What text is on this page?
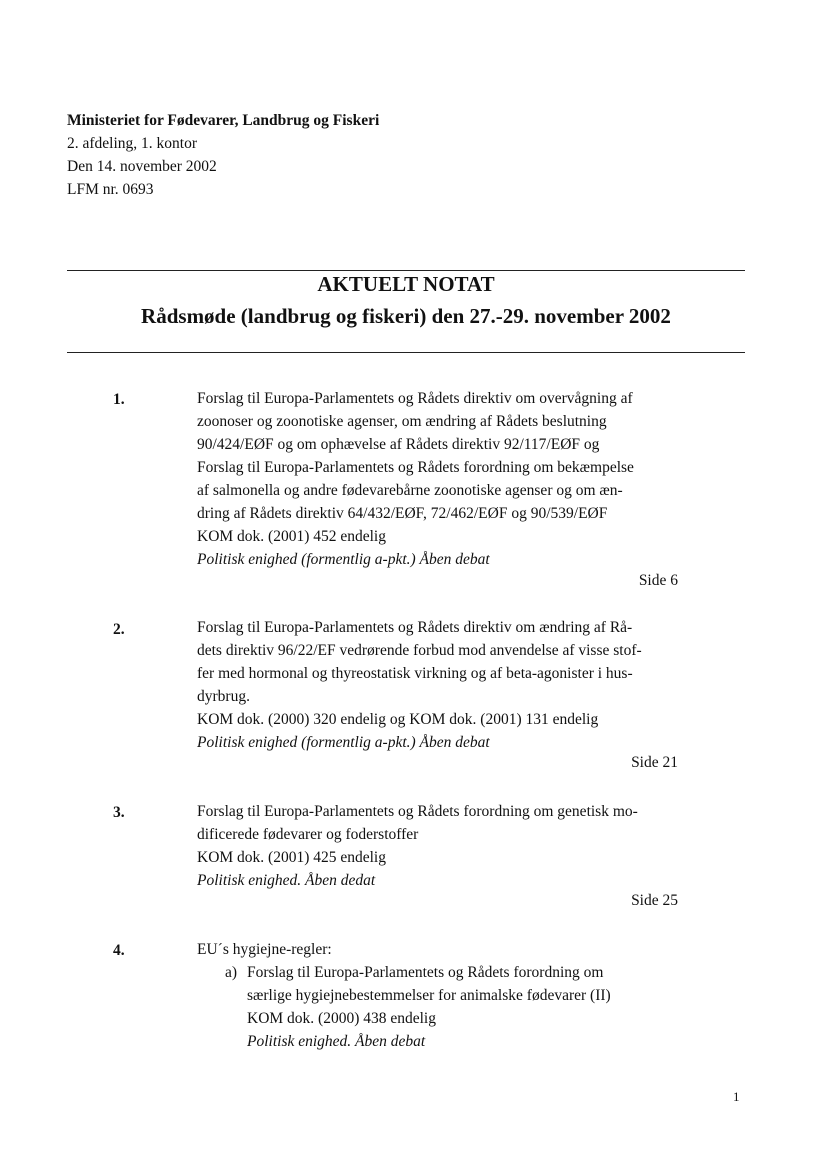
Ministeriet for Fødevarer, Landbrug og Fiskeri
2. afdeling, 1. kontor
Den 14. november 2002
LFM nr. 0693
AKTUELT NOTAT
Rådsmøde (landbrug og fiskeri) den 27.-29. november 2002
1.	Forslag til Europa-Parlamentets og Rådets direktiv om overvågning af
zoonoser og zoonotiske agenser, om ændring af Rådets beslutning
90/424/EØF og om ophævelse af Rådets direktiv 92/117/EØF og
Forslag til Europa-Parlamentets og Rådets forordning om bekæmpelse
af salmonella og andre fødevarebårne zoonotiske agenser og om æn-
dring af Rådets direktiv 64/432/EØF, 72/462/EØF og 90/539/EØF
KOM dok. (2001) 452 endelig
Politisk enighed (formentlig a-pkt.) Åben debat
Side 6
2.	Forslag til Europa-Parlamentets og Rådets direktiv om ændring af Rå-
dets direktiv 96/22/EF vedrørende forbud mod anvendelse af visse stof-
fer med hormonal og thyreostatisk virkning og af beta-agonister i hus-
dyrbrug.
KOM dok. (2000) 320 endelig og KOM dok. (2001) 131 endelig
Politisk enighed (formentlig a-pkt.) Åben debat
Side 21
3.	Forslag til Europa-Parlamentets og Rådets forordning om genetisk mo-
dificerede fødevarer og foderstoffer
KOM dok. (2001) 425 endelig
Politisk enighed. Åben dedat
Side 25
4.	EU´s hygiejne-regler:
a) Forslag til Europa-Parlamentets og Rådets forordning om
særlige hygiejnebestemmelser for animalske fødevarer (II)
KOM dok. (2000) 438 endelig
Politisk enighed. Åben debat
1
